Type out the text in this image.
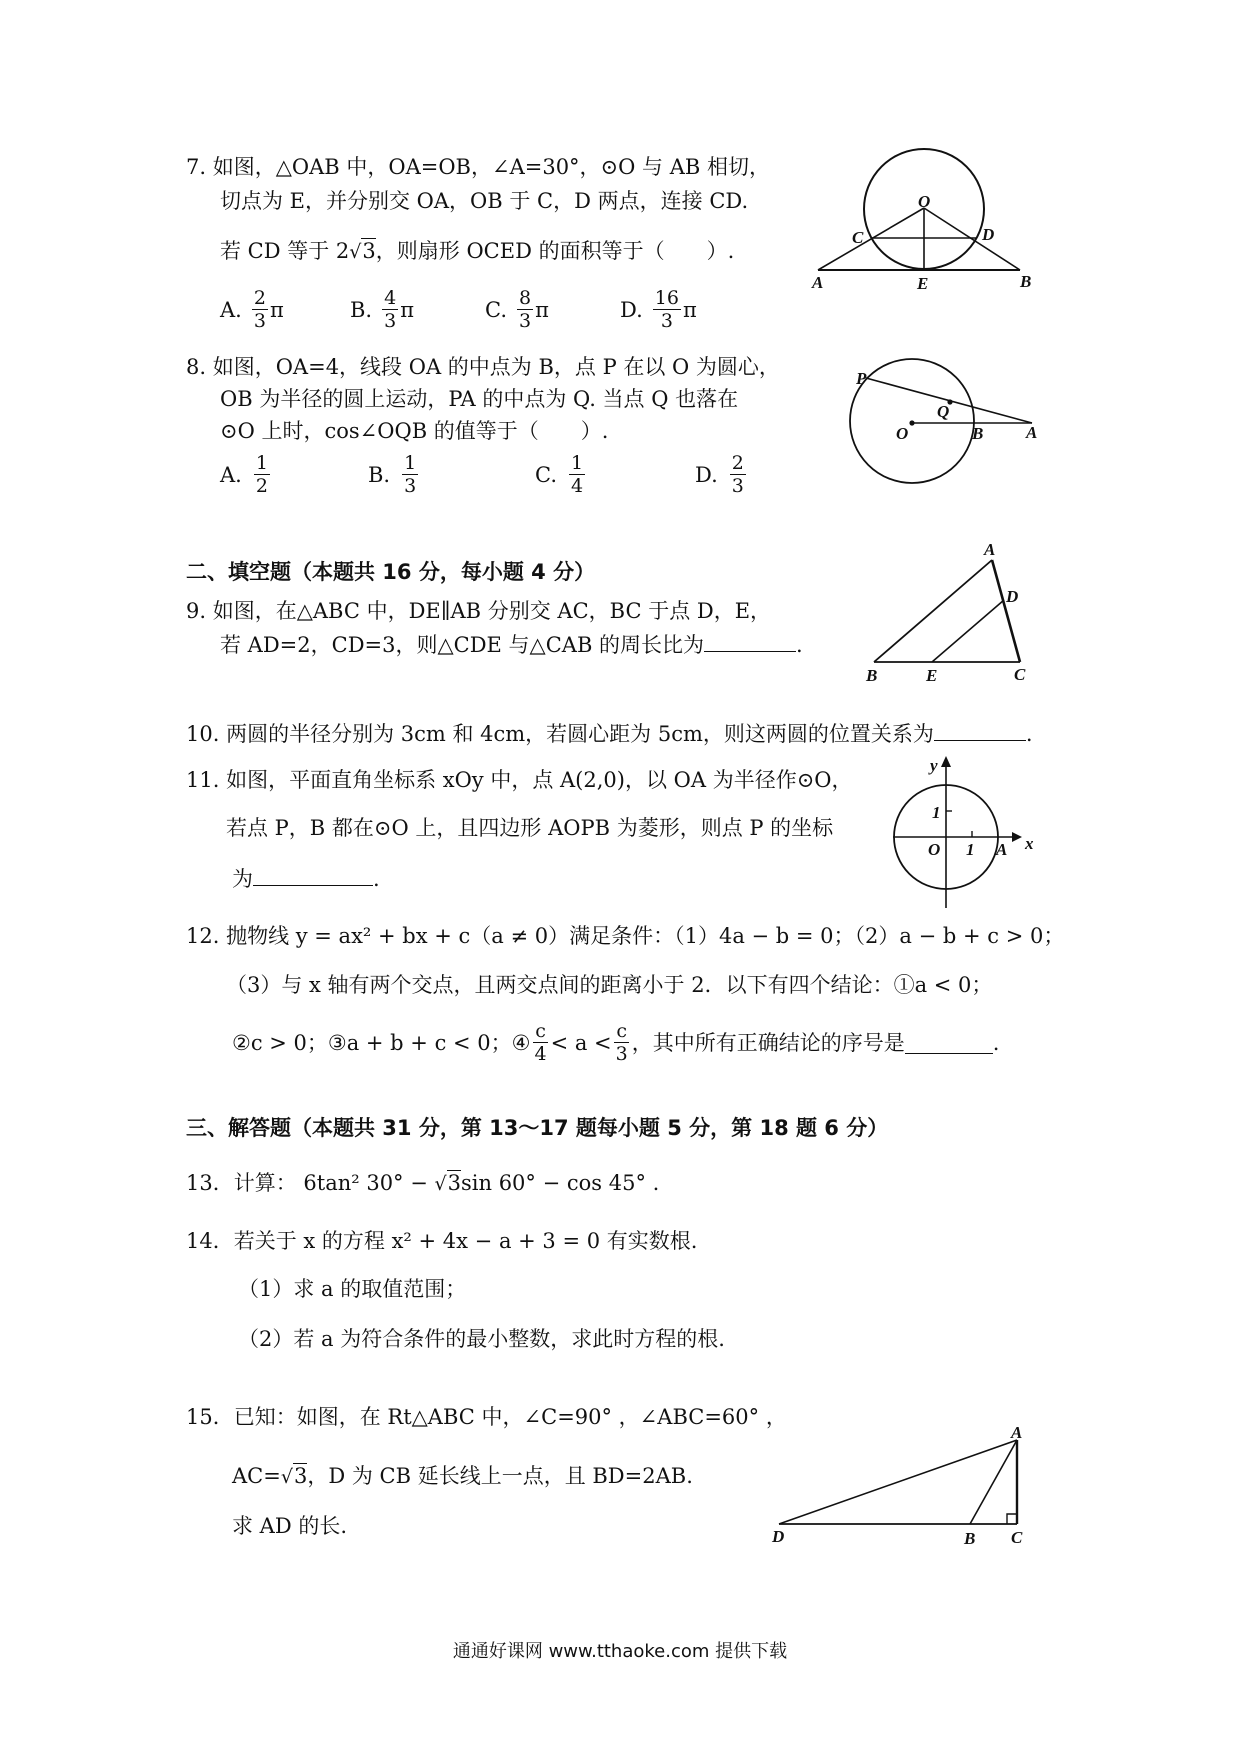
7. 如图，△OAB 中，OA=OB，∠A=30°，⊙O 与 AB 相切，
切点为 E，并分别交 OA，OB 于 C，D 两点，连接 CD.
若 CD 等于 2√3，则扇形 OCED 的面积等于（　　）.
A. $\frac{2}{3}$ π	B. $\frac{4}{3}$ π	C. $\frac{8}{3}$ π	D. $\frac{16}{3}$ π
O
C	D
A	E	B
8. 如图，OA=4，线段 OA 的中点为 B，点 P 在以 O 为圆心，
OB 为半径的圆上运动，PA 的中点为 Q. 当点 Q 也落在
⊙O 上时，cos∠OQB 的值等于（　　）.
A. $\frac{1}{2}$	B. $\frac{1}{3}$	C. $\frac{1}{4}$	D. $\frac{2}{3}$
P
Q
O	B	A
二、填空题（本题共 16 分，每小题 4 分）
9. 如图，在△ABC 中，DE∥AB 分别交 AC，BC 于点 D，E，
若 AD=2，CD=3，则△CDE 与△CAB 的周长比为	.
A
D
B	E	C
10. 两圆的半径分别为 3cm 和 4cm，若圆心距为 5cm，则这两圆的位置关系为	.
11. 如图，平面直角坐标系 xOy 中，点 A(2,0)，以 OA 为半径作⊙O，
若点 P，B 都在⊙O 上，且四边形 AOPB 为菱形，则点 P 的坐标
为	.
y
x
1
O 1 A
12. 抛物线 y = ax² + bx + c（a ≠ 0）满足条件：（1）4a − b = 0；（2）a − b + c > 0；
（3）与 x 轴有两个交点，且两交点间的距离小于 2．以下有四个结论：①a < 0；
②c > 0；③a + b + c < 0；④ $\frac{c}{4} < a < \frac{c}{3}$ ，其中所有正确结论的序号是	.
三、解答题（本题共 31 分，第 13～17 题每小题 5 分，第 18 题 6 分）
13．计算： 6tan² 30° − √3sin 60° − cos 45° .
14．若关于 x 的方程 x² + 4x − a + 3 = 0 有实数根.
（1）求 a 的取值范围；
（2）若 a 为符合条件的最小整数，求此时方程的根.
15．已知：如图，在 Rt△ABC 中，∠C=90° ，∠ABC=60° ，
AC=√3，D 为 CB 延长线上一点，且 BD=2AB.
求 AD 的长.
A
D	B C
通通好课网 www.tthaoke.com 提供下载
